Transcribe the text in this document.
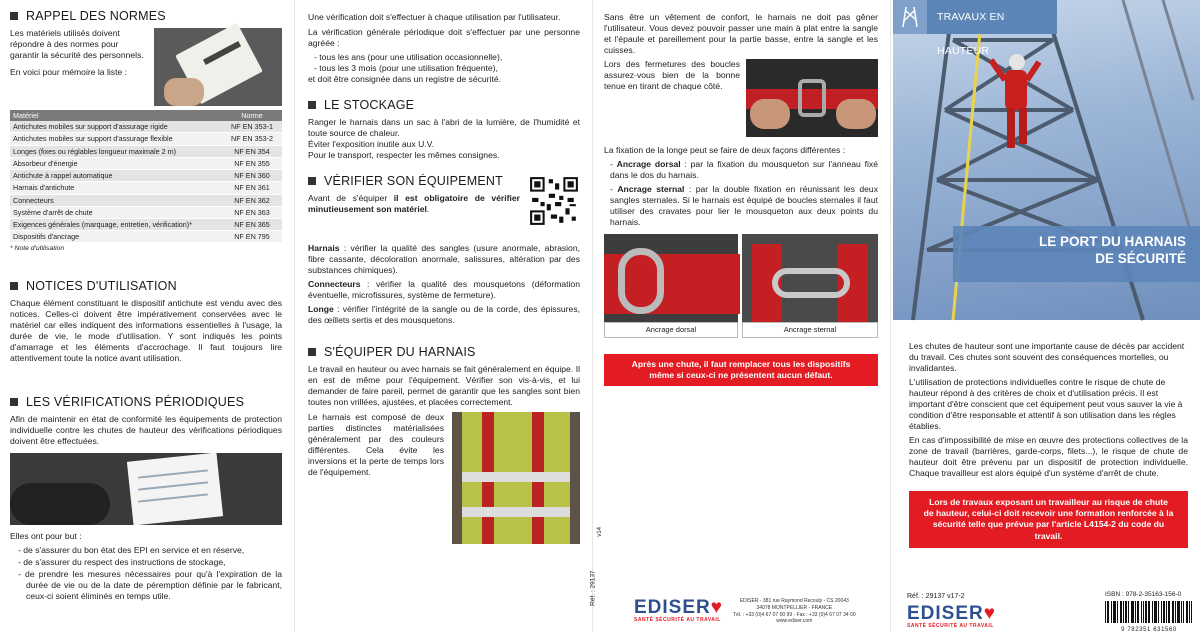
RAPPEL DES NORMES

Les matériels utilisés doivent répondre à des normes pour garantir la sécurité des personnels.

En voici pour mémoire la liste :

Matériel	Norme
Antichutes mobiles sur support d'assurage rigide	NF EN 353-1
Antichutes mobiles sur support d'assurage flexible	NF EN 353-2
Longes (fixes ou réglables longueur maximale 2 m)	NF EN 354
Absorbeur d'énergie	NF EN 355
Antichute à rappel automatique	NF EN 360
Harnais d'antichute	NF EN 361
Connecteurs	NF EN 362
Système d'arrêt de chute	NF EN 363
Exigences générales (marquage, entretien, vérification)*	NF EN 365
Dispositifs d'ancrage	NF EN 795
* Note d'utilisation
NOTICES D'UTILISATION

Chaque élément constituant le dispositif antichute est vendu avec des notices. Celles-ci doivent être impérativement conservées avec le matériel car elles indiquent des informations essentielles à l'usage, la durée de vie, le mode d'utilisation. Y sont indiqués les points d'amarrage et les éléments d'accrochage. Il faut toujours lire attentivement toute la notice avant utilisation.

LES VÉRIFICATIONS PÉRIODIQUES

Afin de maintenir en état de conformité les équipements de protection individuelle contre les chutes de hauteur des vérifications périodiques doivent être effectuées.

Elles ont pour but :

- de s'assurer du bon état des EPI en service et en réserve,
- de s'assurer du respect des instructions de stockage,
- de prendre les mesures nécessaires pour qu'à l'expiration de la durée de vie ou de la date de péremption définie par le fabricant, ceux-ci soient éliminés en temps utile.

Une vérification doit s'effectuer à chaque utilisation par l'utilisateur.

La vérification générale périodique doit s'effectuer par une personne agréée :

- tous les ans (pour une utilisation occasionnelle),
- tous les 3 mois (pour une utilisation fréquente),

et doit être consignée dans un registre de sécurité.

LE STOCKAGE

Ranger le harnais dans un sac à l'abri de la lumière, de l'humidité et toute source de chaleur.

Éviter l'exposition inutile aux U.V.

Pour le transport, respecter les mêmes consignes.

VÉRIFIER SON ÉQUIPEMENT

Avant de s'équiper il est obligatoire de vérifier minutieusement son matériel.

Harnais : vérifier la qualité des sangles (usure anormale, abrasion, fibre cassante, décoloration anormale, salissures, altération par des substances chimiques).

Connecteurs : vérifier la qualité des mousquetons (déformation éventuelle, microfissures, système de fermeture).

Longe : vérifier l'intégrité de la sangle ou de la corde, des épissures, des œillets sertis et des mousquetons.

S'ÉQUIPER DU HARNAIS

Le travail en hauteur ou avec harnais se fait généralement en équipe. Il en est de même pour l'équipement. Vérifier son vis-à-vis, et lui demander de faire pareil, permet de garantir que les sangles sont bien toutes non vrillées, ajustées, et placées correctement.

Le harnais est composé de deux parties distinctes matérialisées généralement par des couleurs différentes. Cela évite les inversions et la perte de temps lors de l'équipement.

Sans être un vêtement de confort, le harnais ne doit pas gêner l'utilisateur. Vous devez pouvoir passer une main à plat entre la sangle et l'épaule et pareillement pour la partie basse, entre la sangle et les cuisses.

Lors des fermetures des boucles assurez-vous bien de la bonne tenue en tirant de chaque côté.

La fixation de la longe peut se faire de deux façons différentes :

- Ancrage dorsal : par la fixation du mousqueton sur l'anneau fixé dans le dos du harnais.

- Ancrage sternal : par la double fixation en réunissant les deux sangles sternales. Si le harnais est équipé de boucles sternales il faut utiliser des cravates pour lier le mousqueton aux deux points du harnais.

Ancrage dorsal	Ancrage sternal
Après une chute, il faut remplacer tous les dispositifs même si ceux-ci ne présentent aucun défaut.
Réf. : 29137
v14
EDISER♥
SANTÉ SÉCURITÉ AU TRAVAIL
EDISER - 381 rue Raymond Recouly - CS 20043
34078 MONTPELLIER - FRANCE
Tél. : +33 (0)4 67 07 00 99 - Fax : +33 (0)4 67 07 34 00
www.ediser.com
TRAVAUX EN HAUTEUR
LE PORT DU HARNAIS
DE SÉCURITÉ

Les chutes de hauteur sont une importante cause de décès par accident du travail. Ces chutes sont souvent des conséquences mortelles, ou invalidantes.

L'utilisation de protections individuelles contre le risque de chute de hauteur répond à des critères de choix et d'utilisation précis. Il est important d'être conscient que cet équipement peut vous sauver la vie à condition d'être responsable et attentif à son utilisation dans les règles établies.

En cas d'impossibilité de mise en œuvre des protections collectives de la zone de travail (barrières, garde-corps, filets...), le risque de chute de hauteur doit être prévenu par un dispositif de protection individuelle. Chaque travailleur est alors équipé d'un système d'arrêt de chute.

Lors de travaux exposant un travailleur au risque de chute de hauteur, celui-ci doit recevoir une formation renforcée à la sécurité telle que prévue par l'article L4154-2 du code du travail.
Réf. : 29137 v17-2
EDISER♥
SANTÉ SÉCURITÉ AU TRAVAIL
ISBN : 978-2-35163-156-0
9 782351 631560
